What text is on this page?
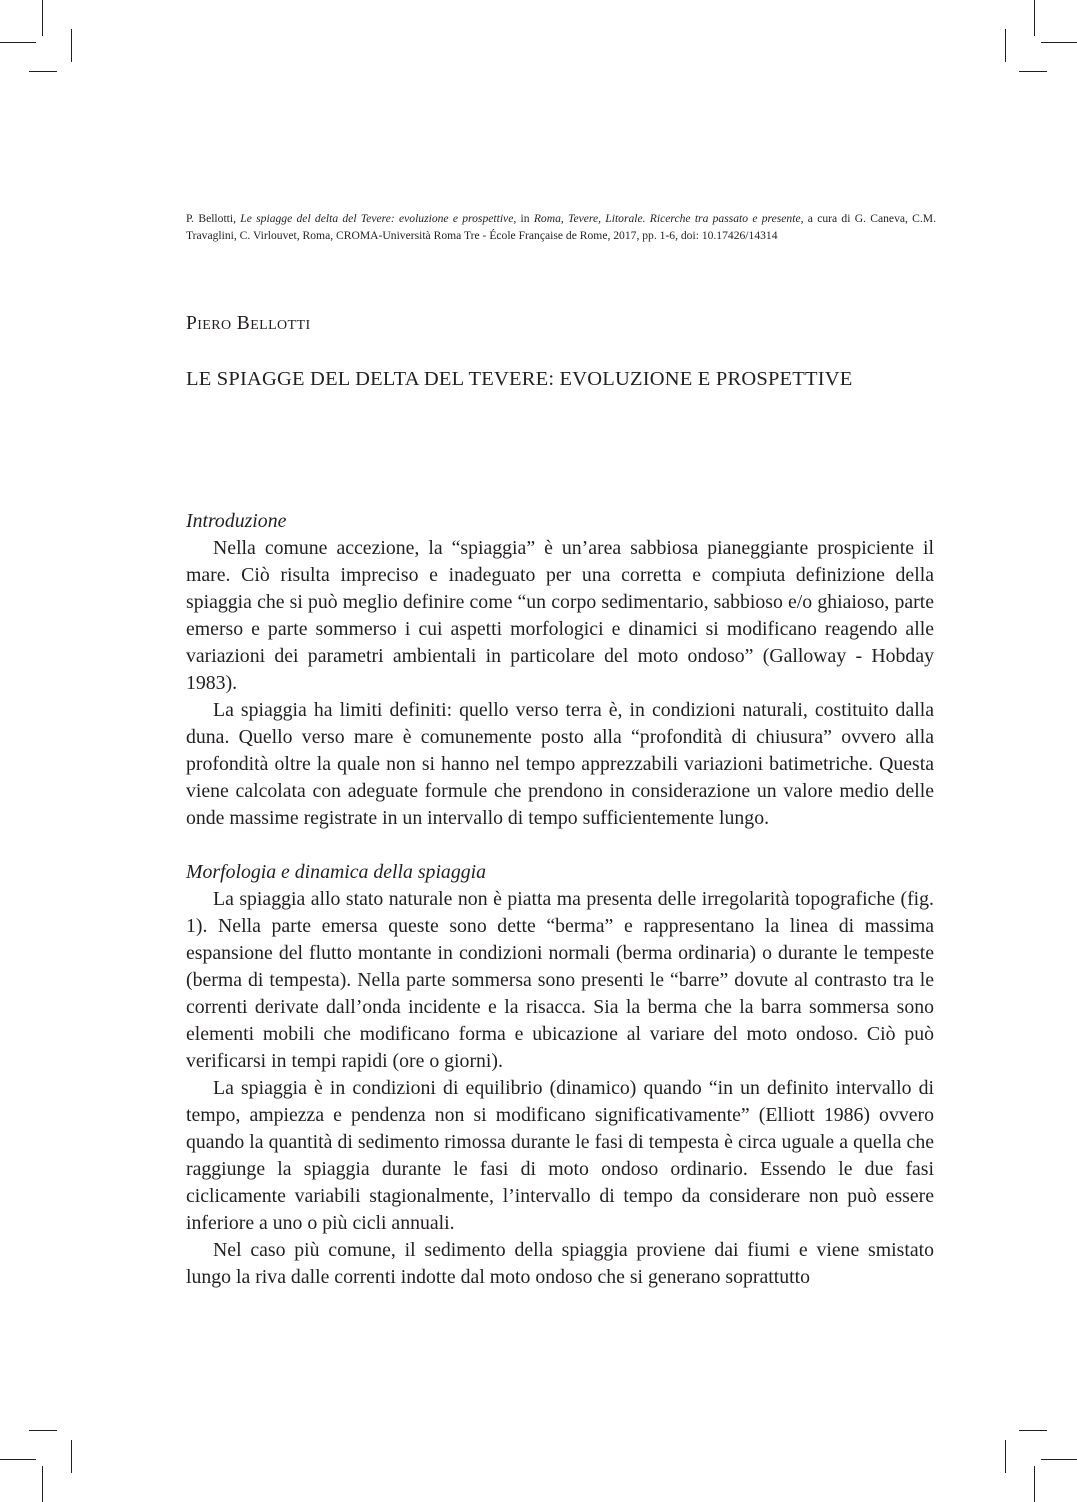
P. Bellotti, Le spiagge del delta del Tevere: evoluzione e prospettive, in Roma, Tevere, Litorale. Ricerche tra passato e presente, a cura di G. Caneva, C.M. Travaglini, C. Virlouvet, Roma, CROMA-Università Roma Tre - École Française de Rome, 2017, pp. 1-6, doi: 10.17426/14314
Piero Bellotti
LE SPIAGGE DEL DELTA DEL TEVERE: EVOLUZIONE E PROSPETTIVE

Introduzione

Nella comune accezione, la “spiaggia” è un’area sabbiosa pianeggiante prospiciente il mare. Ciò risulta impreciso e inadeguato per una corretta e compiuta definizione della spiaggia che si può meglio definire come “un corpo sedimentario, sabbioso e/o ghiaioso, parte emerso e parte sommerso i cui aspetti morfologici e dinamici si modificano reagendo alle variazioni dei parametri ambientali in particolare del moto ondoso” (Galloway - Hobday 1983).

La spiaggia ha limiti definiti: quello verso terra è, in condizioni naturali, costituito dalla duna. Quello verso mare è comunemente posto alla “profondità di chiusura” ovvero alla profondità oltre la quale non si hanno nel tempo apprezzabili variazioni batimetriche. Questa viene calcolata con adeguate formule che prendono in considerazione un valore medio delle onde massime registrate in un intervallo di tempo sufficientemente lungo.

Morfologia e dinamica della spiaggia

La spiaggia allo stato naturale non è piatta ma presenta delle irregolarità topografiche (fig. 1). Nella parte emersa queste sono dette “berma” e rappresentano la linea di massima espansione del flutto montante in condizioni normali (berma ordinaria) o durante le tempeste (berma di tempesta). Nella parte sommersa sono presenti le “barre” dovute al contrasto tra le correnti derivate dall’onda incidente e la risacca. Sia la berma che la barra sommersa sono elementi mobili che modificano forma e ubicazione al variare del moto ondoso. Ciò può verificarsi in tempi rapidi (ore o giorni).

La spiaggia è in condizioni di equilibrio (dinamico) quando “in un definito intervallo di tempo, ampiezza e pendenza non si modificano significativamente” (Elliott 1986) ovvero quando la quantità di sedimento rimossa durante le fasi di tempesta è circa uguale a quella che raggiunge la spiaggia durante le fasi di moto ondoso ordinario. Essendo le due fasi ciclicamente variabili stagionalmente, l’intervallo di tempo da considerare non può essere inferiore a uno o più cicli annuali.

Nel caso più comune, il sedimento della spiaggia proviene dai fiumi e viene smistato lungo la riva dalle correnti indotte dal moto ondoso che si generano soprattutto
